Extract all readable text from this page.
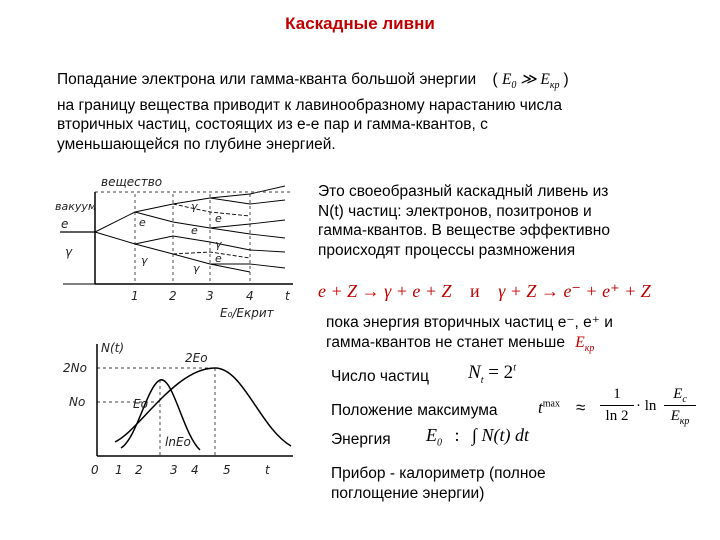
Каскадные ливни
Попадание электрона или гамма-кванта большой энергии ( $E_0$ ≫ $E_{кр}$ )
на границу вещества приводит к лавинообразному нарастанию числа
вторичных частиц, состоящих из е-е пар и гамма-квантов, с
уменьшающейся по глубине энергией.
вещество
вакуум
e
γ
e
γ
γ
e
γ
e
γ
e
1	2 3	4	t
E₀/Eкрит
N(t)
2No
No
2Eo
Eo
lnEo
0 1 2 3 4 5	t
Это своеобразный каскадный ливень из
N(t) частиц: электронов, позитронов и
гамма-квантов. В веществе эффективно
происходят процессы размножения
e + Z → γ + e + Z и γ + Z → e⁻ + e⁺ + Z
пока энергия вторичных частиц е⁻, е⁺ и
гамма-квантов не станет меньше $E_{кр}$
Число частиц $N_t = 2^t$
Положение максимума $t^{max}$ ≈
1
ln 2
· ln
$E_c$
$E_{кр}$
Энергия $E_0$ : ∫ N(t) dt
Прибор - калориметр (полное
поглощение энергии)
